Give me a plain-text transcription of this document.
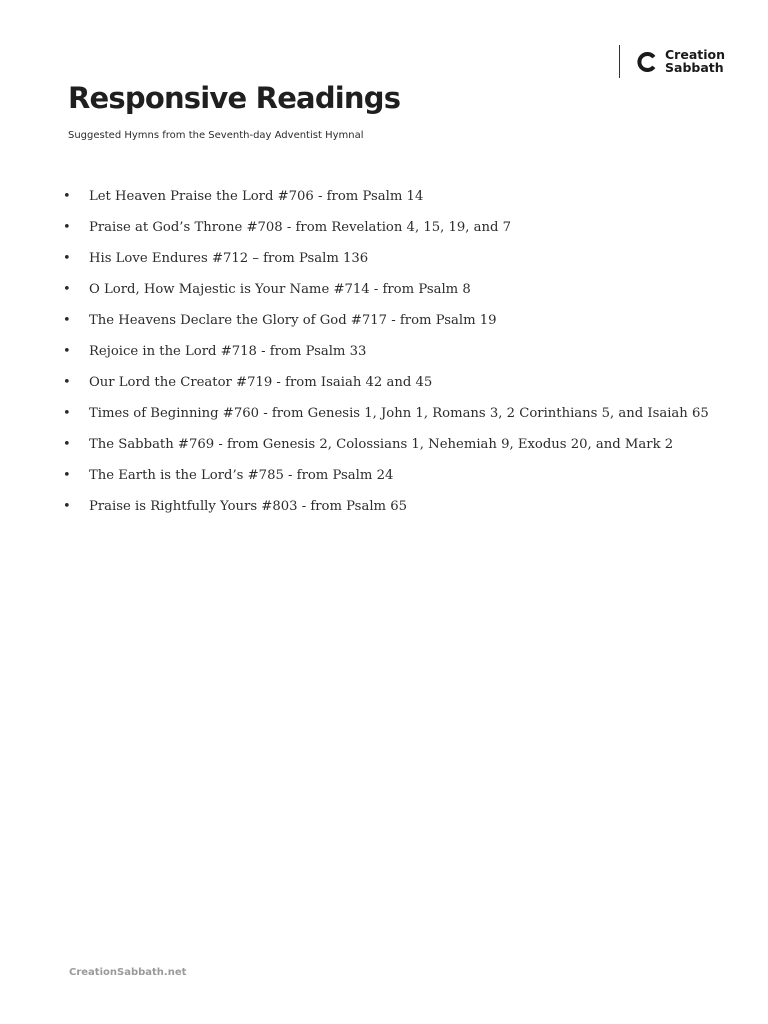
Creation
Sabbath
Responsive Readings
Suggested Hymns from the Seventh-day Adventist Hymnal
• Let Heaven Praise the Lord #706 - from Psalm 14
• Praise at God’s Throne #708 - from Revelation 4, 15, 19, and 7
• His Love Endures #712 – from Psalm 136
• O Lord, How Majestic is Your Name #714 - from Psalm 8
• The Heavens Declare the Glory of God #717 - from Psalm 19
• Rejoice in the Lord #718 - from Psalm 33
• Our Lord the Creator #719 - from Isaiah 42 and 45
• Times of Beginning #760 - from Genesis 1, John 1, Romans 3, 2 Corinthians 5, and Isaiah 65
• The Sabbath #769 - from Genesis 2, Colossians 1, Nehemiah 9, Exodus 20, and Mark 2
• The Earth is the Lord’s #785 - from Psalm 24
• Praise is Rightfully Yours #803 - from Psalm 65
CreationSabbath.net
